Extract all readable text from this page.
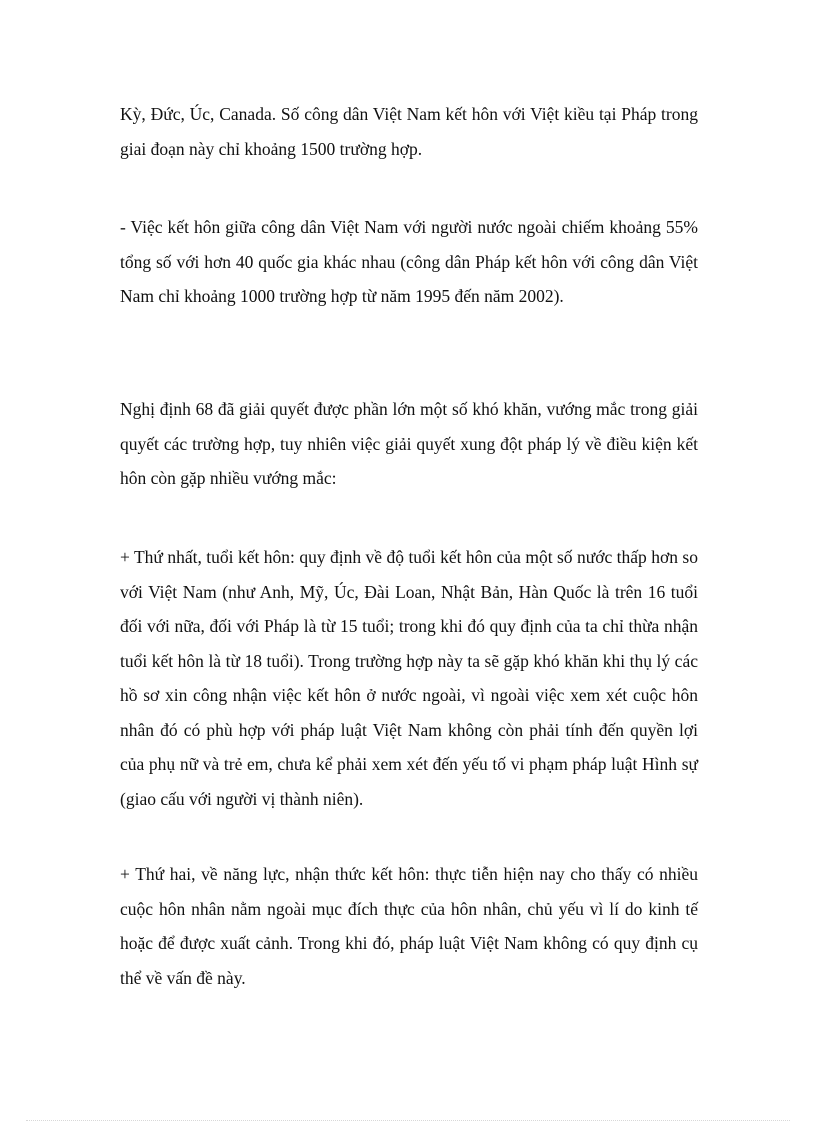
Kỳ, Đức, Úc, Canada. Số công dân Việt Nam kết hôn với Việt kiều tại Pháp trong giai đoạn này chỉ khoảng 1500 trường hợp.

- Việc kết hôn giữa công dân Việt Nam với người nước ngoài chiếm khoảng 55% tổng số với hơn 40 quốc gia khác nhau (công dân Pháp kết hôn với công dân Việt Nam chỉ khoảng 1000 trường hợp từ năm 1995 đến năm 2002).

Nghị định 68 đã giải quyết được phần lớn một số khó khăn, vướng mắc trong giải quyết các trường hợp, tuy nhiên việc giải quyết xung đột pháp lý về điều kiện kết hôn còn gặp nhiều vướng mắc:

+ Thứ nhất, tuổi kết hôn: quy định về độ tuổi kết hôn của một số nước thấp hơn so với Việt Nam (như Anh, Mỹ, Úc, Đài Loan, Nhật Bản, Hàn Quốc là trên 16 tuổi đối với nữa, đối với Pháp là từ 15 tuổi; trong khi đó quy định của ta chỉ thừa nhận tuổi kết hôn là từ 18 tuổi). Trong trường hợp này ta sẽ gặp khó khăn khi thụ lý các hồ sơ xin công nhận việc kết hôn ở nước ngoài, vì ngoài việc xem xét cuộc hôn nhân đó có phù hợp với pháp luật Việt Nam không còn phải tính đến quyền lợi của phụ nữ và trẻ em, chưa kể phải xem xét đến yếu tố vi phạm pháp luật Hình sự (giao cấu với người vị thành niên).

+ Thứ hai, về năng lực, nhận thức kết hôn: thực tiễn hiện nay cho thấy có nhiều cuộc hôn nhân nằm ngoài mục đích thực của hôn nhân, chủ yếu vì lí do kinh tế hoặc để được xuất cảnh. Trong khi đó, pháp luật Việt Nam không có quy định cụ thể về vấn đề này.
